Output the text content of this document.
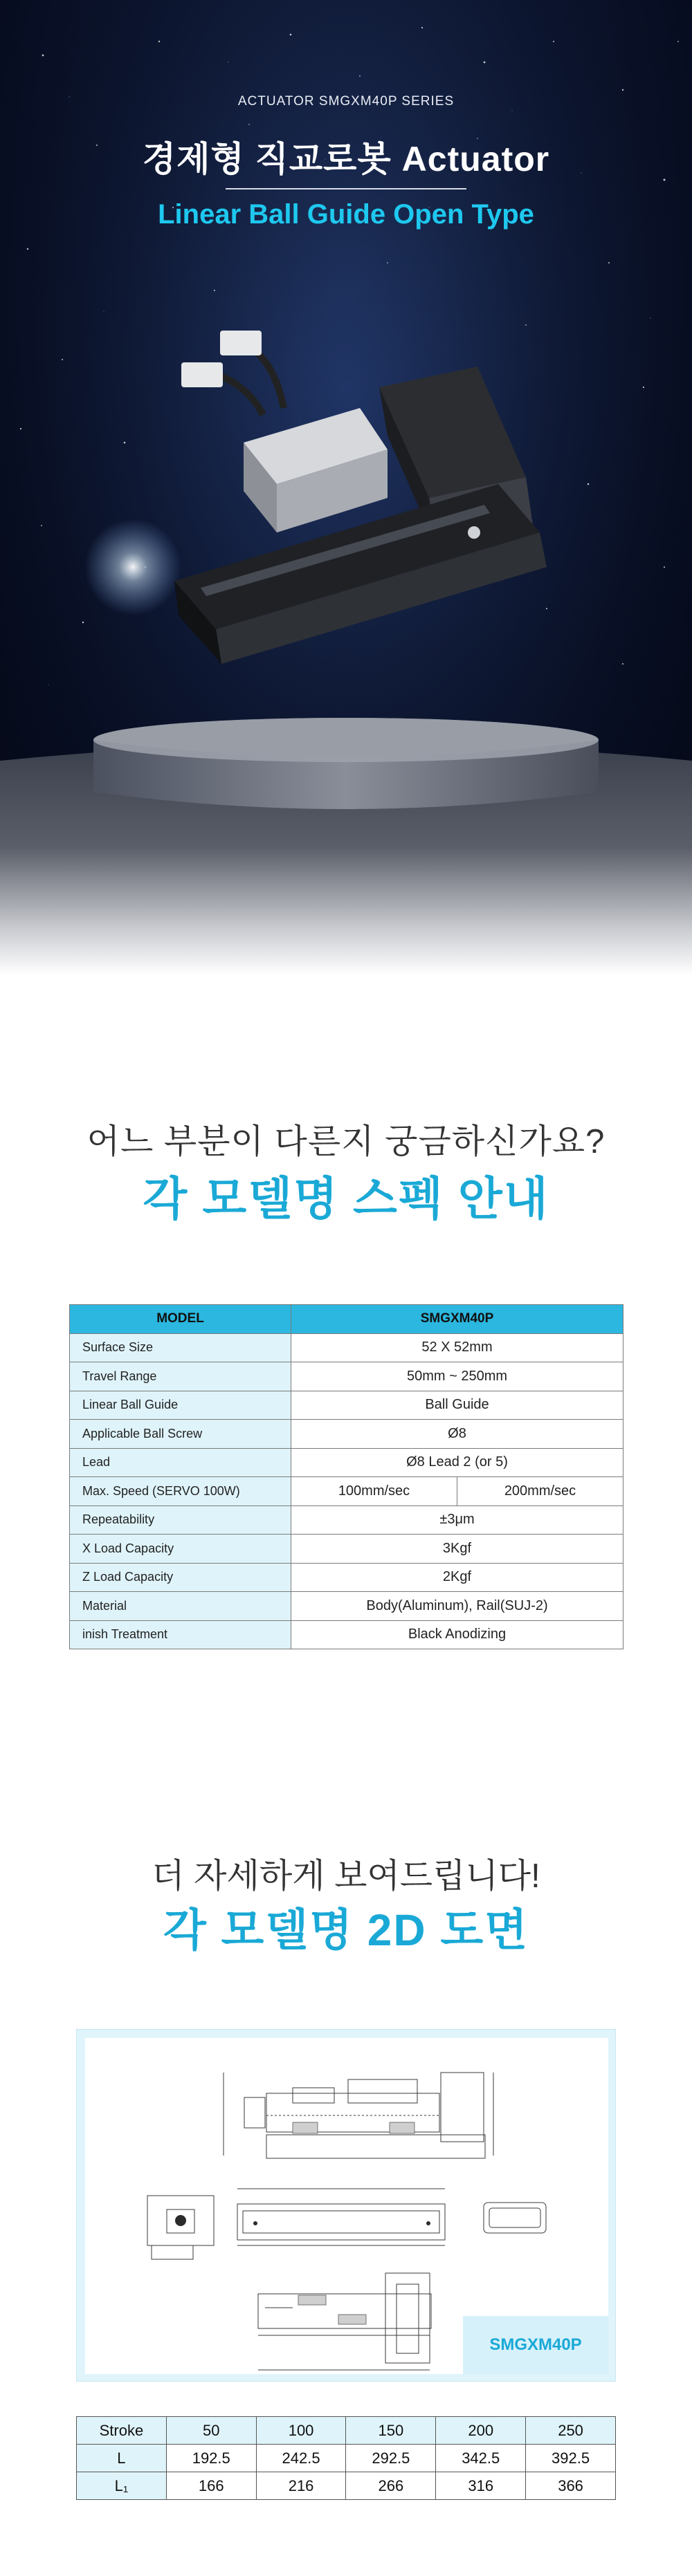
ACTUATOR SMGXM40P SERIES
경제형 직교로봇 Actuator
Linear Ball Guide Open Type
어느 부분이 다른지 궁금하신가요?
각 모델명 스펙 안내
MODEL	SMGXM40P	
Surface Size	52 X 52mm	
Travel Range	50mm ~ 250mm	
Linear Ball Guide	Ball Guide	
Applicable Ball Screw	Ø8	
Lead	Ø8 Lead 2 (or 5)	
Max. Speed (SERVO 100W)	100mm/sec	200mm/sec
Repeatability	±3μm	
X Load Capacity	3Kgf	
Z Load Capacity	2Kgf	
Material	Body(Aluminum), Rail(SUJ-2)	
inish Treatment	Black Anodizing	
더 자세하게 보여드립니다!
각 모델명 2D 도면
SMGXM40P
Stroke	50	100	150	200	250
L	192.5	242.5	292.5	342.5	392.5
L₁	166	216	266	316	366
